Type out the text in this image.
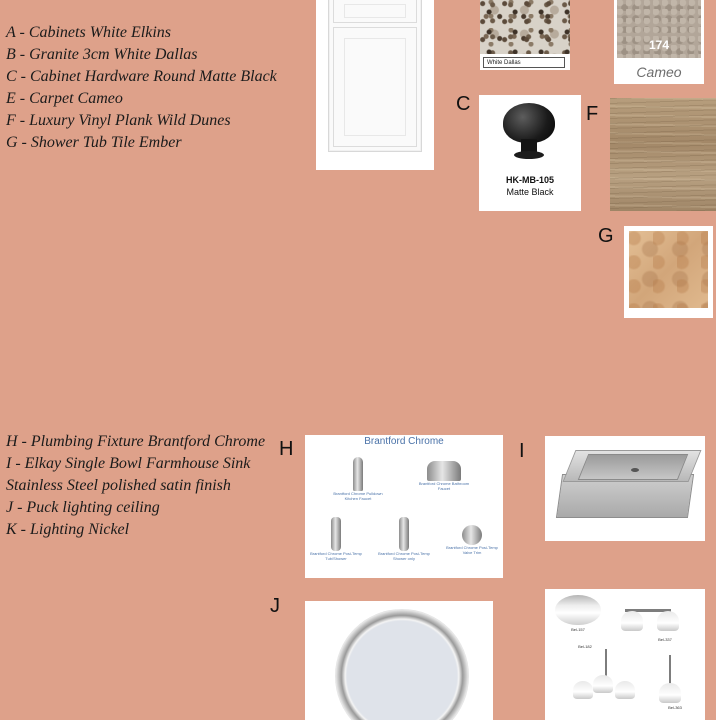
A - Cabinets White Elkins
B - Granite 3cm White Dallas
C - Cabinet Hardware Round Matte Black
E - Carpet Cameo
F - Luxury Vinyl Plank Wild Dunes
G - Shower Tub Tile Ember
H - Plumbing Fixture Brantford Chrome
I - Elkay Single Bowl Farmhouse Sink
Stainless Steel polished satin finish
J - Puck lighting ceiling
K - Lighting Nickel
White Dallas
174
Cameo
C
HK-MB-105
Matte Black
F
G
H	Brantford Chrome
Brantford Chrome Pulldown Kitchen Faucet
Brantford Chrome Bathroom Faucet
Brantford Chrome Posi-Temp Tub/Shower
Brantford Chrome Posi-Temp Shower only
Brantford Chrome Posi-Temp Valve Trim
I
J
Bel-157
Bel-337
Bel-182
Bel-363
